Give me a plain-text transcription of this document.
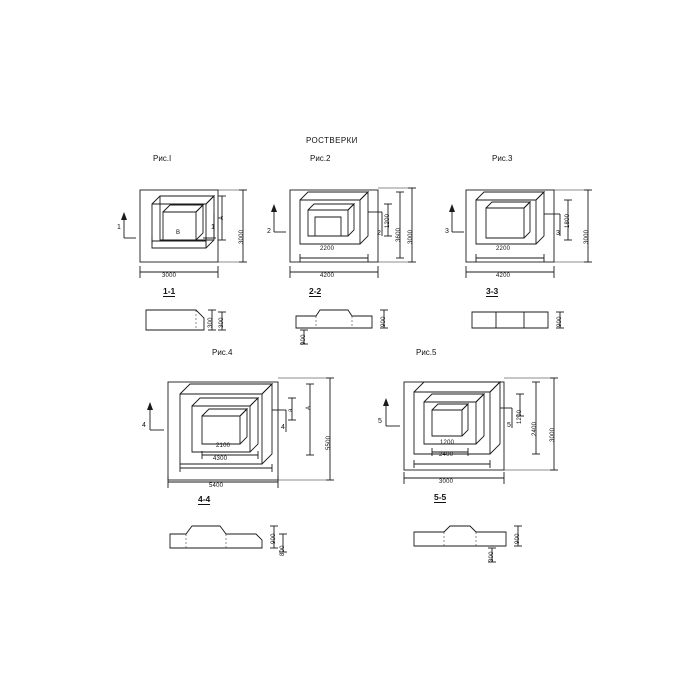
РОСТВЕРКИ
Рис.I
1	1
3000
B	3000
A
1-1
300 300
Рис.2
2	2
4200
2200
3000
3600
1200
2-2
900
900
Рис.3
3	3
4200
2200
3000
1800
3-3
900
Рис.4
4	4
5400
4300
2100	5500
A
a
4-4
900
800
Рис.5
5
5
3000
2400
1200
3000
2400
1200
5-5
900
300
